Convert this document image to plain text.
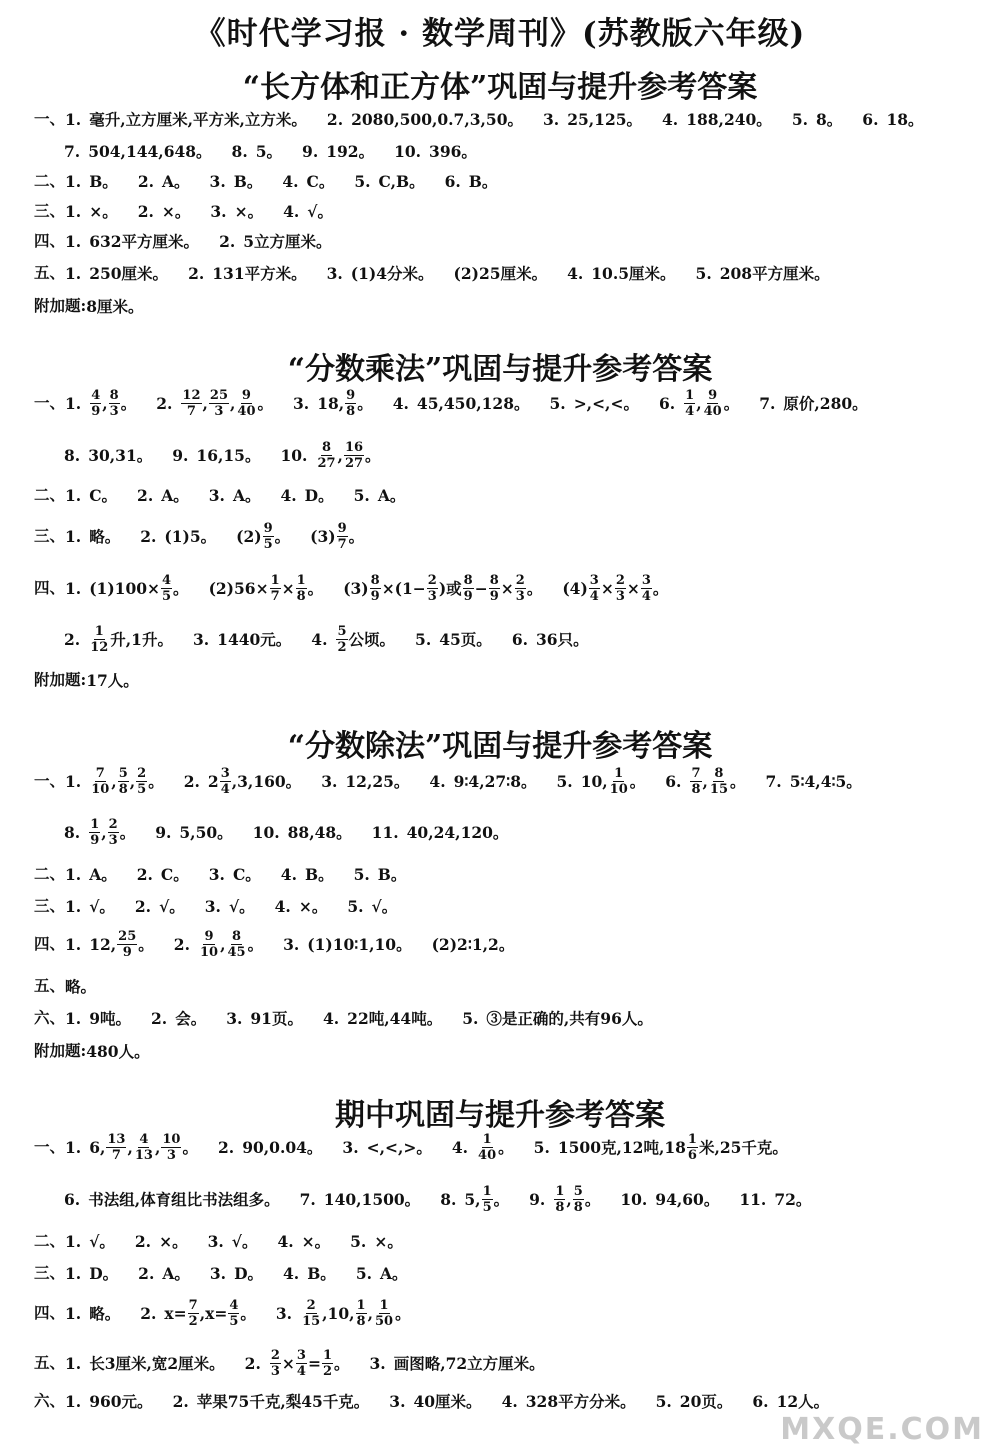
《时代学习报 · 数学周刊》(苏教版六年级)
“长方体和正方体”巩固与提升参考答案
一、1. 毫升,立方厘米,平方米,立方米。 2. 2080,500,0.7,3,50。 3. 25,125。 4. 188,240。 5. 8。 6. 18。
7. 504,144,648。 8. 5。 9. 192。 10. 396。
二、1. B。 2. A。 3. B。 4. C。 5. C,B。 6. B。
三、1. ×。 2. ×。 3. ×。 4. √。
四、1. 632平方厘米。 2. 5立方厘米。
五、1. 250厘米。 2. 131平方米。 3. (1)4分米。 (2)25厘米。 4. 10.5厘米。 5. 208平方厘米。
附加题:8厘米。
“分数乘法”巩固与提升参考答案
一、1. $\frac{4}{9}$ , $\frac{8}{3}$ 。 2. $\frac{12}{7}$ , $\frac{25}{3}$ , $\frac{9}{40}$ 。 3. 18, $\frac{9}{8}$ 。 4. 45,450,128。 5. >,<,<。 6. $\frac{1}{4}$ , $\frac{9}{40}$ 。 7. 原价,280。
8. 30,31。 9. 16,15。 10. $\frac{8}{27}$ , $\frac{16}{27}$ 。
二、1. C。 2. A。 3. A。 4. D。 5. A。
三、1. 略。 2. (1)5。 $(2) \frac{9}{5}$ 。 $(3) \frac{9}{7}$ 。
四、1. $(1)100\times \frac{4}{5}$ 。 $(2)56\times \frac{1}{7} \times \frac{1}{8}$ 。 $(3) \frac{8}{9} \times(1- \frac{2}{3}$ )或 $\frac{8}{9} - \frac{8}{9} \times \frac{2}{3}$ 。 $(4) \frac{3}{4} \times \frac{2}{3} \times \frac{3}{4}$ 。
2. $\frac{1}{12}$ 升,1升。 3. 1440元。 4. $\frac{5}{2}$ 公顷。 5. 45页。 6. 36只。
附加题:17人。
“分数除法”巩固与提升参考答案
一、1. $\frac{7}{10}$ , $\frac{5}{8}$ , $\frac{2}{5}$ 。 2. $2 \frac{3}{4} ,3,160$。 3. 12,25。 4. 9∶4,27∶8。 5. 10, $\frac{1}{10}$ 。 6. $\frac{7}{8}$ , $\frac{8}{15}$ 。 7. 5∶4,4∶5。
8. $\frac{1}{9}$ , $\frac{2}{3}$ 。 9. 5,50。 10. 88,48。 11. 40,24,120。
二、1. A。 2. C。 3. C。 4. B。 5. B。
三、1. √。 2. √。 3. √。 4. ×。 5. √。
四、1. 12, $\frac{25}{9}$ 。 2. $\frac{9}{10}$ , $\frac{8}{45}$ 。 3. (1)10∶1,10。 (2)2∶1,2。
五、略。
六、1. 9吨。 2. 会。 3. 91页。 4. 22吨,44吨。 5. ③是正确的,共有96人。
附加题:480人。
期中巩固与提升参考答案
一、1. 6, $\frac{13}{7}$ , $\frac{4}{13}$ , $\frac{10}{3}$ 。 2. 90,0.04。 3. <,<,>。 4. $\frac{1}{40}$ 。 5. 1500克,12吨$,18 \frac{1}{6}$ 米,25千克。
6. 书法组,体育组比书法组多。 7. 140,1500。 8. 5, $\frac{1}{5}$ 。 9. $\frac{1}{8}$ , $\frac{5}{8}$ 。 10. 94,60。 11. 72。
二、1. √。 2. ×。 3. √。 4. ×。 5. ×。
三、1. D。 2. A。 3. D。 4. B。 5. A。
四、1. 略。 2. $x= \frac{7}{2} ,x= \frac{4}{5}$ 。 3. $\frac{2}{15} ,10$, $\frac{1}{8}$ , $\frac{1}{50}$ 。
五、1. 长3厘米,宽2厘米。 2. $\frac{2}{3} \times \frac{3}{4} = \frac{1}{2}$ 。 3. 画图略,72立方厘米。
六、1. 960元。 2. 苹果75千克,梨45千克。 3. 40厘米。 4. 328平方分米。 5. 20页。 6. 12人。
MXQE.COM
